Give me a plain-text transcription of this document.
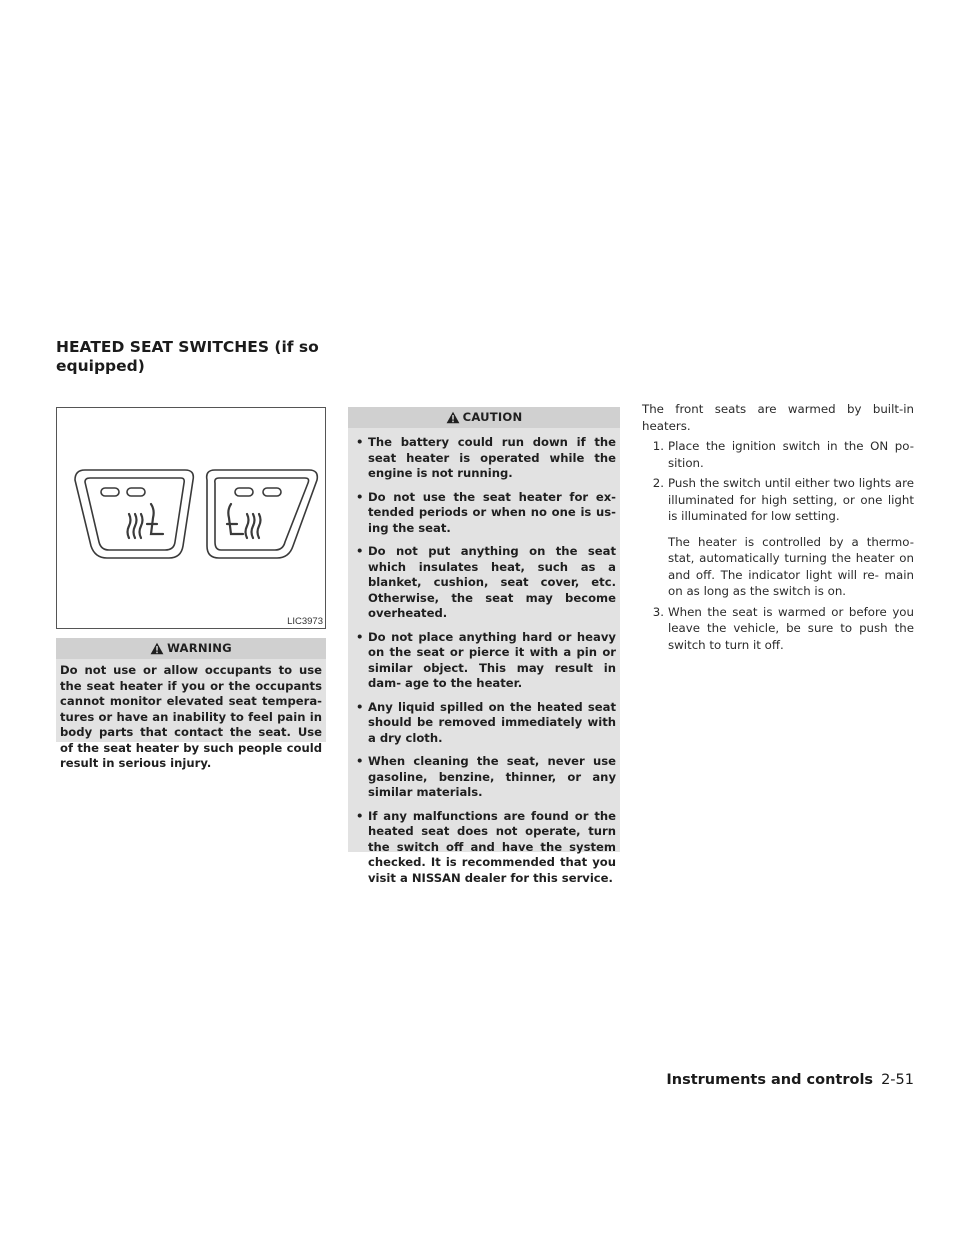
HEATED SEAT SWITCHES (if so equipped)
LIC3973
WARNING
Do not use or allow occupants to use the seat heater if you or the occupants cannot monitor elevated seat tempera- tures or have an inability to feel pain in body parts that contact the seat. Use of the seat heater by such people could result in serious injury.
CAUTION
• The battery could run down if the seat heater is operated while the engine is not running.
• Do not use the seat heater for ex- tended periods or when no one is us- ing the seat.
• Do not put anything on the seat which insulates heat, such as a blanket, cushion, seat cover, etc. Otherwise, the seat may become overheated.
• Do not place anything hard or heavy on the seat or pierce it with a pin or similar object. This may result in dam- age to the heater.
• Any liquid spilled on the heated seat should be removed immediately with a dry cloth.
• When cleaning the seat, never use gasoline, benzine, thinner, or any similar materials.
• If any malfunctions are found or the heated seat does not operate, turn the switch off and have the system checked. It is recommended that you visit a NISSAN dealer for this service.

The front seats are warmed by built-in heaters.

1. Place the ignition switch in the ON po- sition.
2. Push the switch until either two lights are illuminated for high setting, or one light is illuminated for low setting.

The heater is controlled by a thermo- stat, automatically turning the heater on and off. The indicator light will re- main on as long as the switch is on.

3. When the seat is warmed or before you leave the vehicle, be sure to push the switch to turn it off.
Instruments and controls 2-51
